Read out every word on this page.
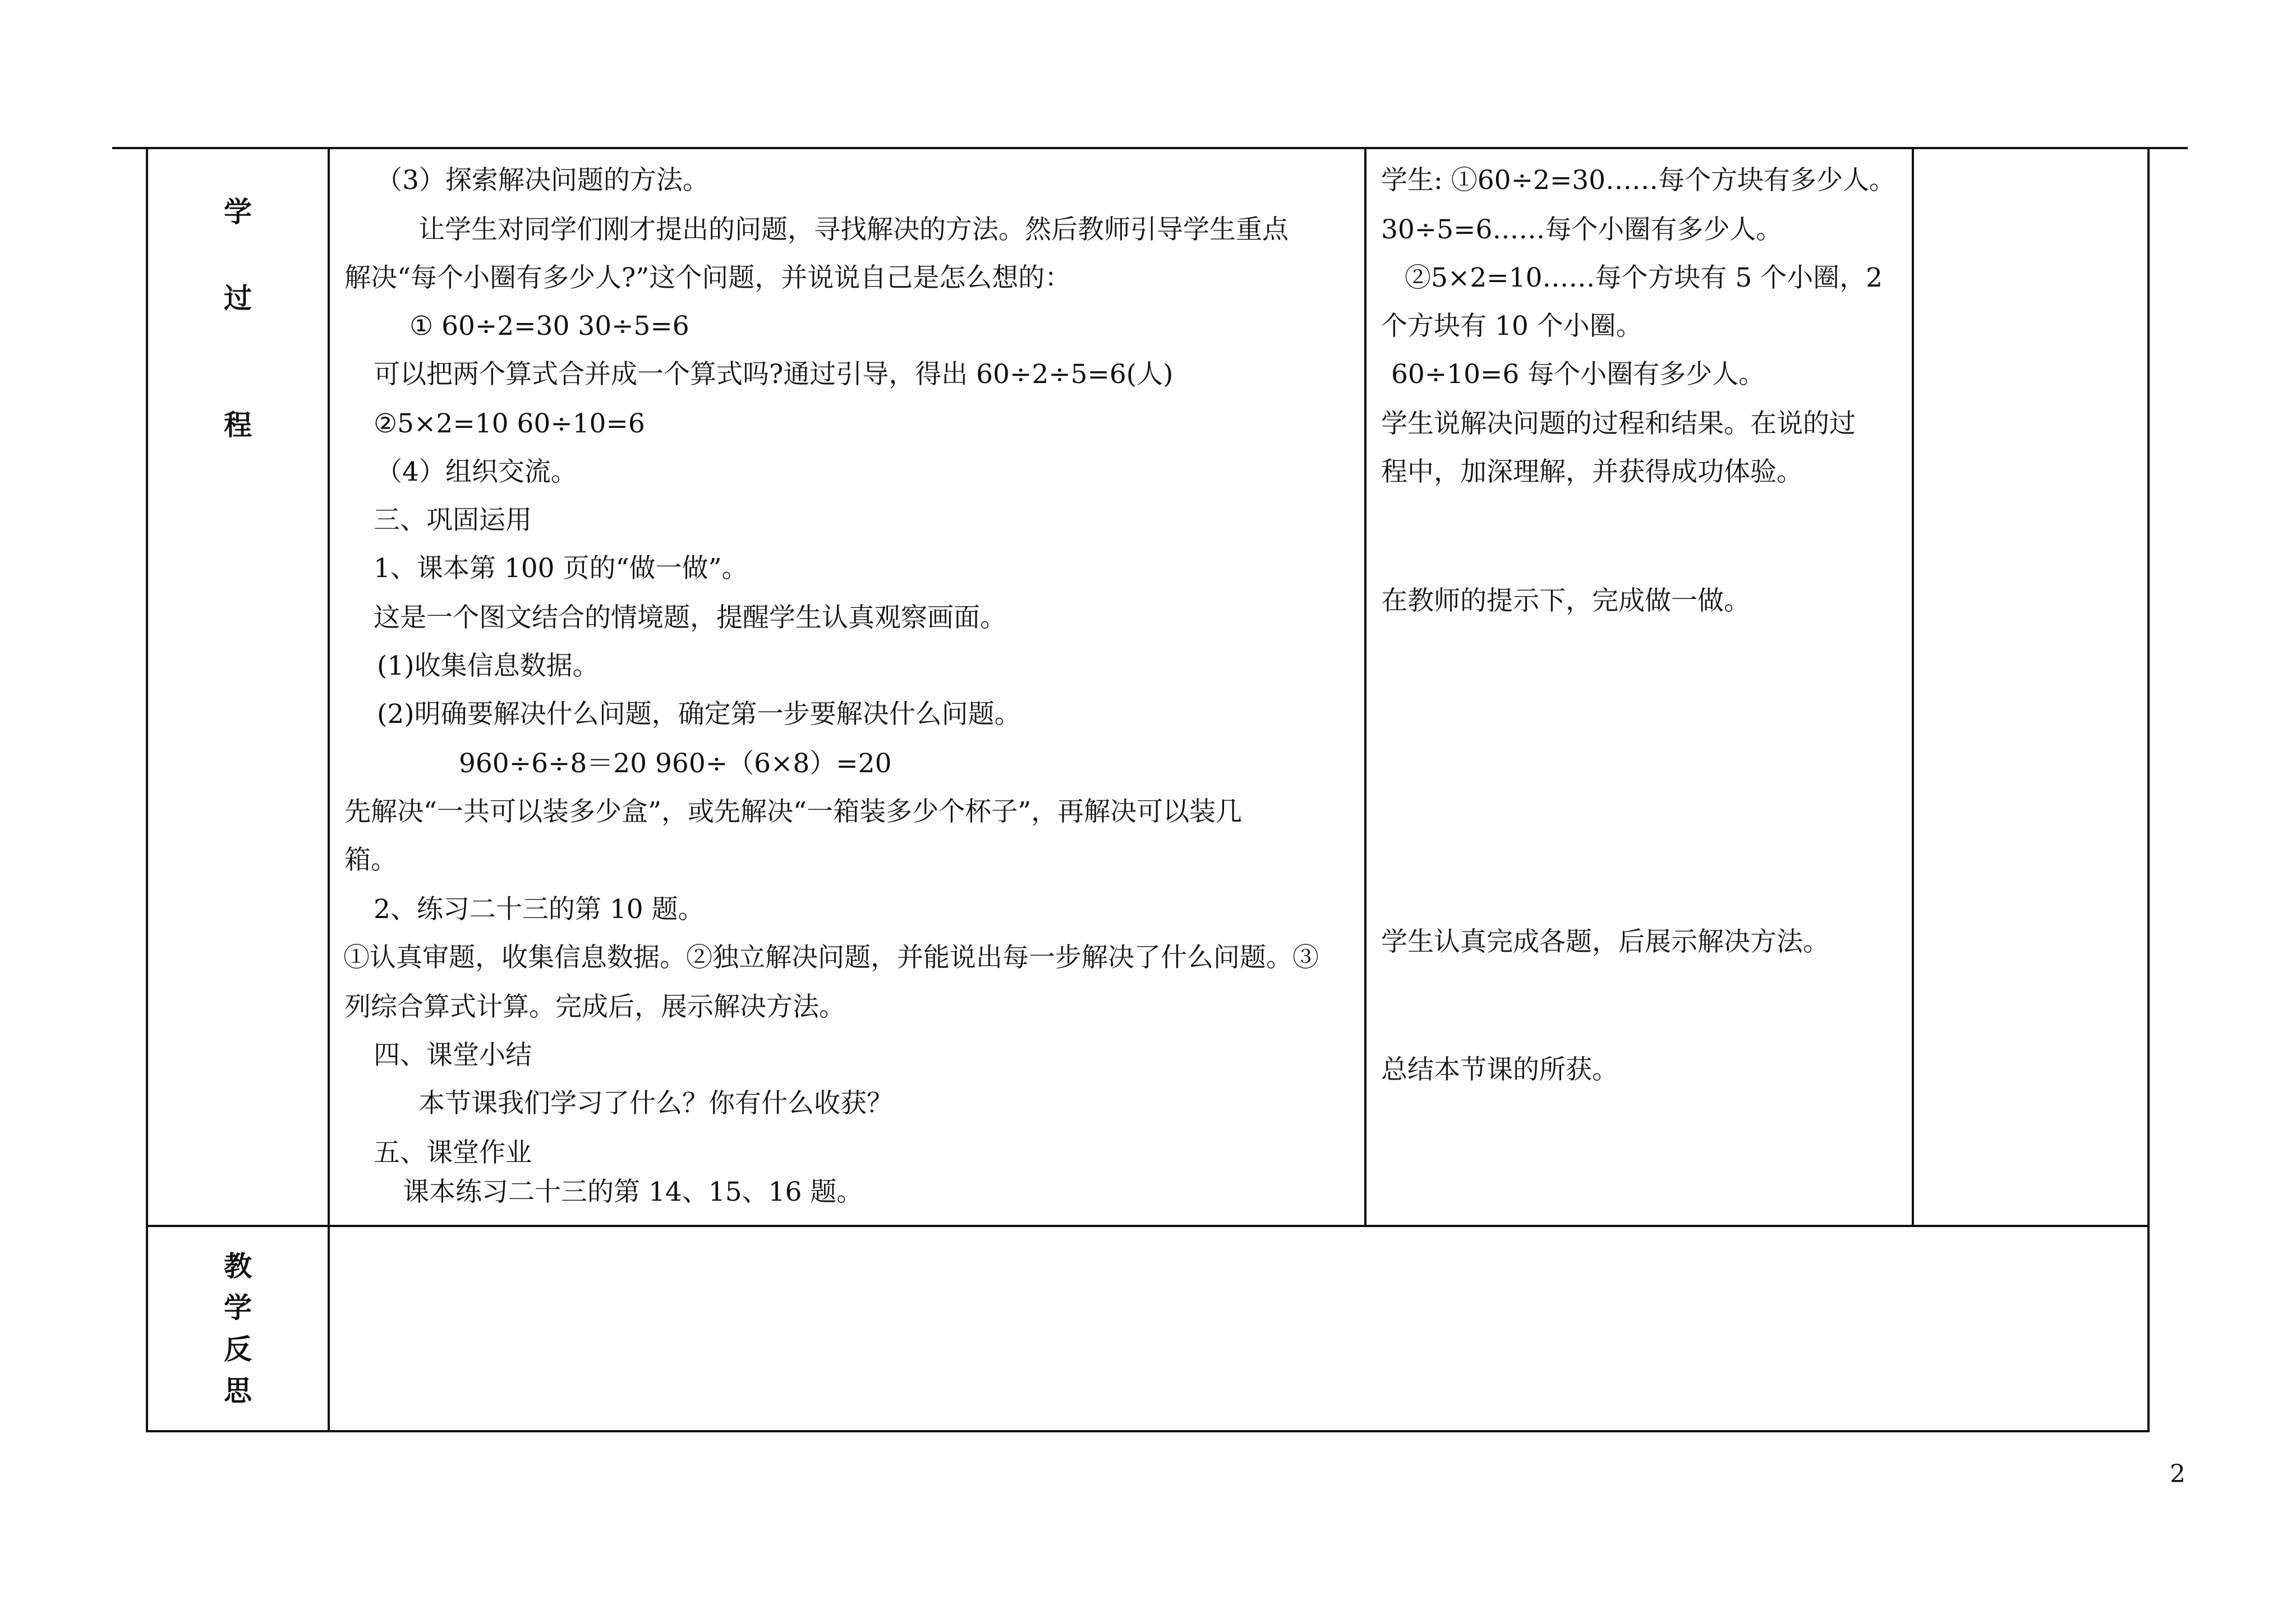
学
过
程
（3）探索解决问题的方法。
让学生对同学们刚才提出的问题，寻找解决的方法。然后教师引导学生重点
解决“每个小圈有多少人?”这个问题，并说说自己是怎么想的：
① 60÷2=30 30÷5=6
可以把两个算式合并成一个算式吗?通过引导，得出 60÷2÷5=6(人)
②5×2=10 60÷10=6
（4）组织交流。
三、巩固运用
1、课本第 100 页的“做一做”。
这是一个图文结合的情境题，提醒学生认真观察画面。
(1)收集信息数据。
(2)明确要解决什么问题，确定第一步要解决什么问题。
960÷6÷8＝20 960÷（6×8）=20
先解决“一共可以装多少盒”，或先解决“一箱装多少个杯子”，再解决可以装几
箱。
2、练习二十三的第 10 题。
①认真审题，收集信息数据。②独立解决问题，并能说出每一步解决了什么问题。③
列综合算式计算。完成后，展示解决方法。
四、课堂小结
本节课我们学习了什么？你有什么收获？
五、课堂作业
课本练习二十三的第 14、15、16 题。
学生: ①60÷2=30……每个方块有多少人。
30÷5=6……每个小圈有多少人。
②5×2=10……每个方块有 5 个小圈，2
个方块有 10 个小圈。
60÷10=6 每个小圈有多少人。
学生说解决问题的过程和结果。在说的过
程中，加深理解，并获得成功体验。
在教师的提示下，完成做一做。
学生认真完成各题，后展示解决方法。
总结本节课的所获。
教
学
反
思
2
